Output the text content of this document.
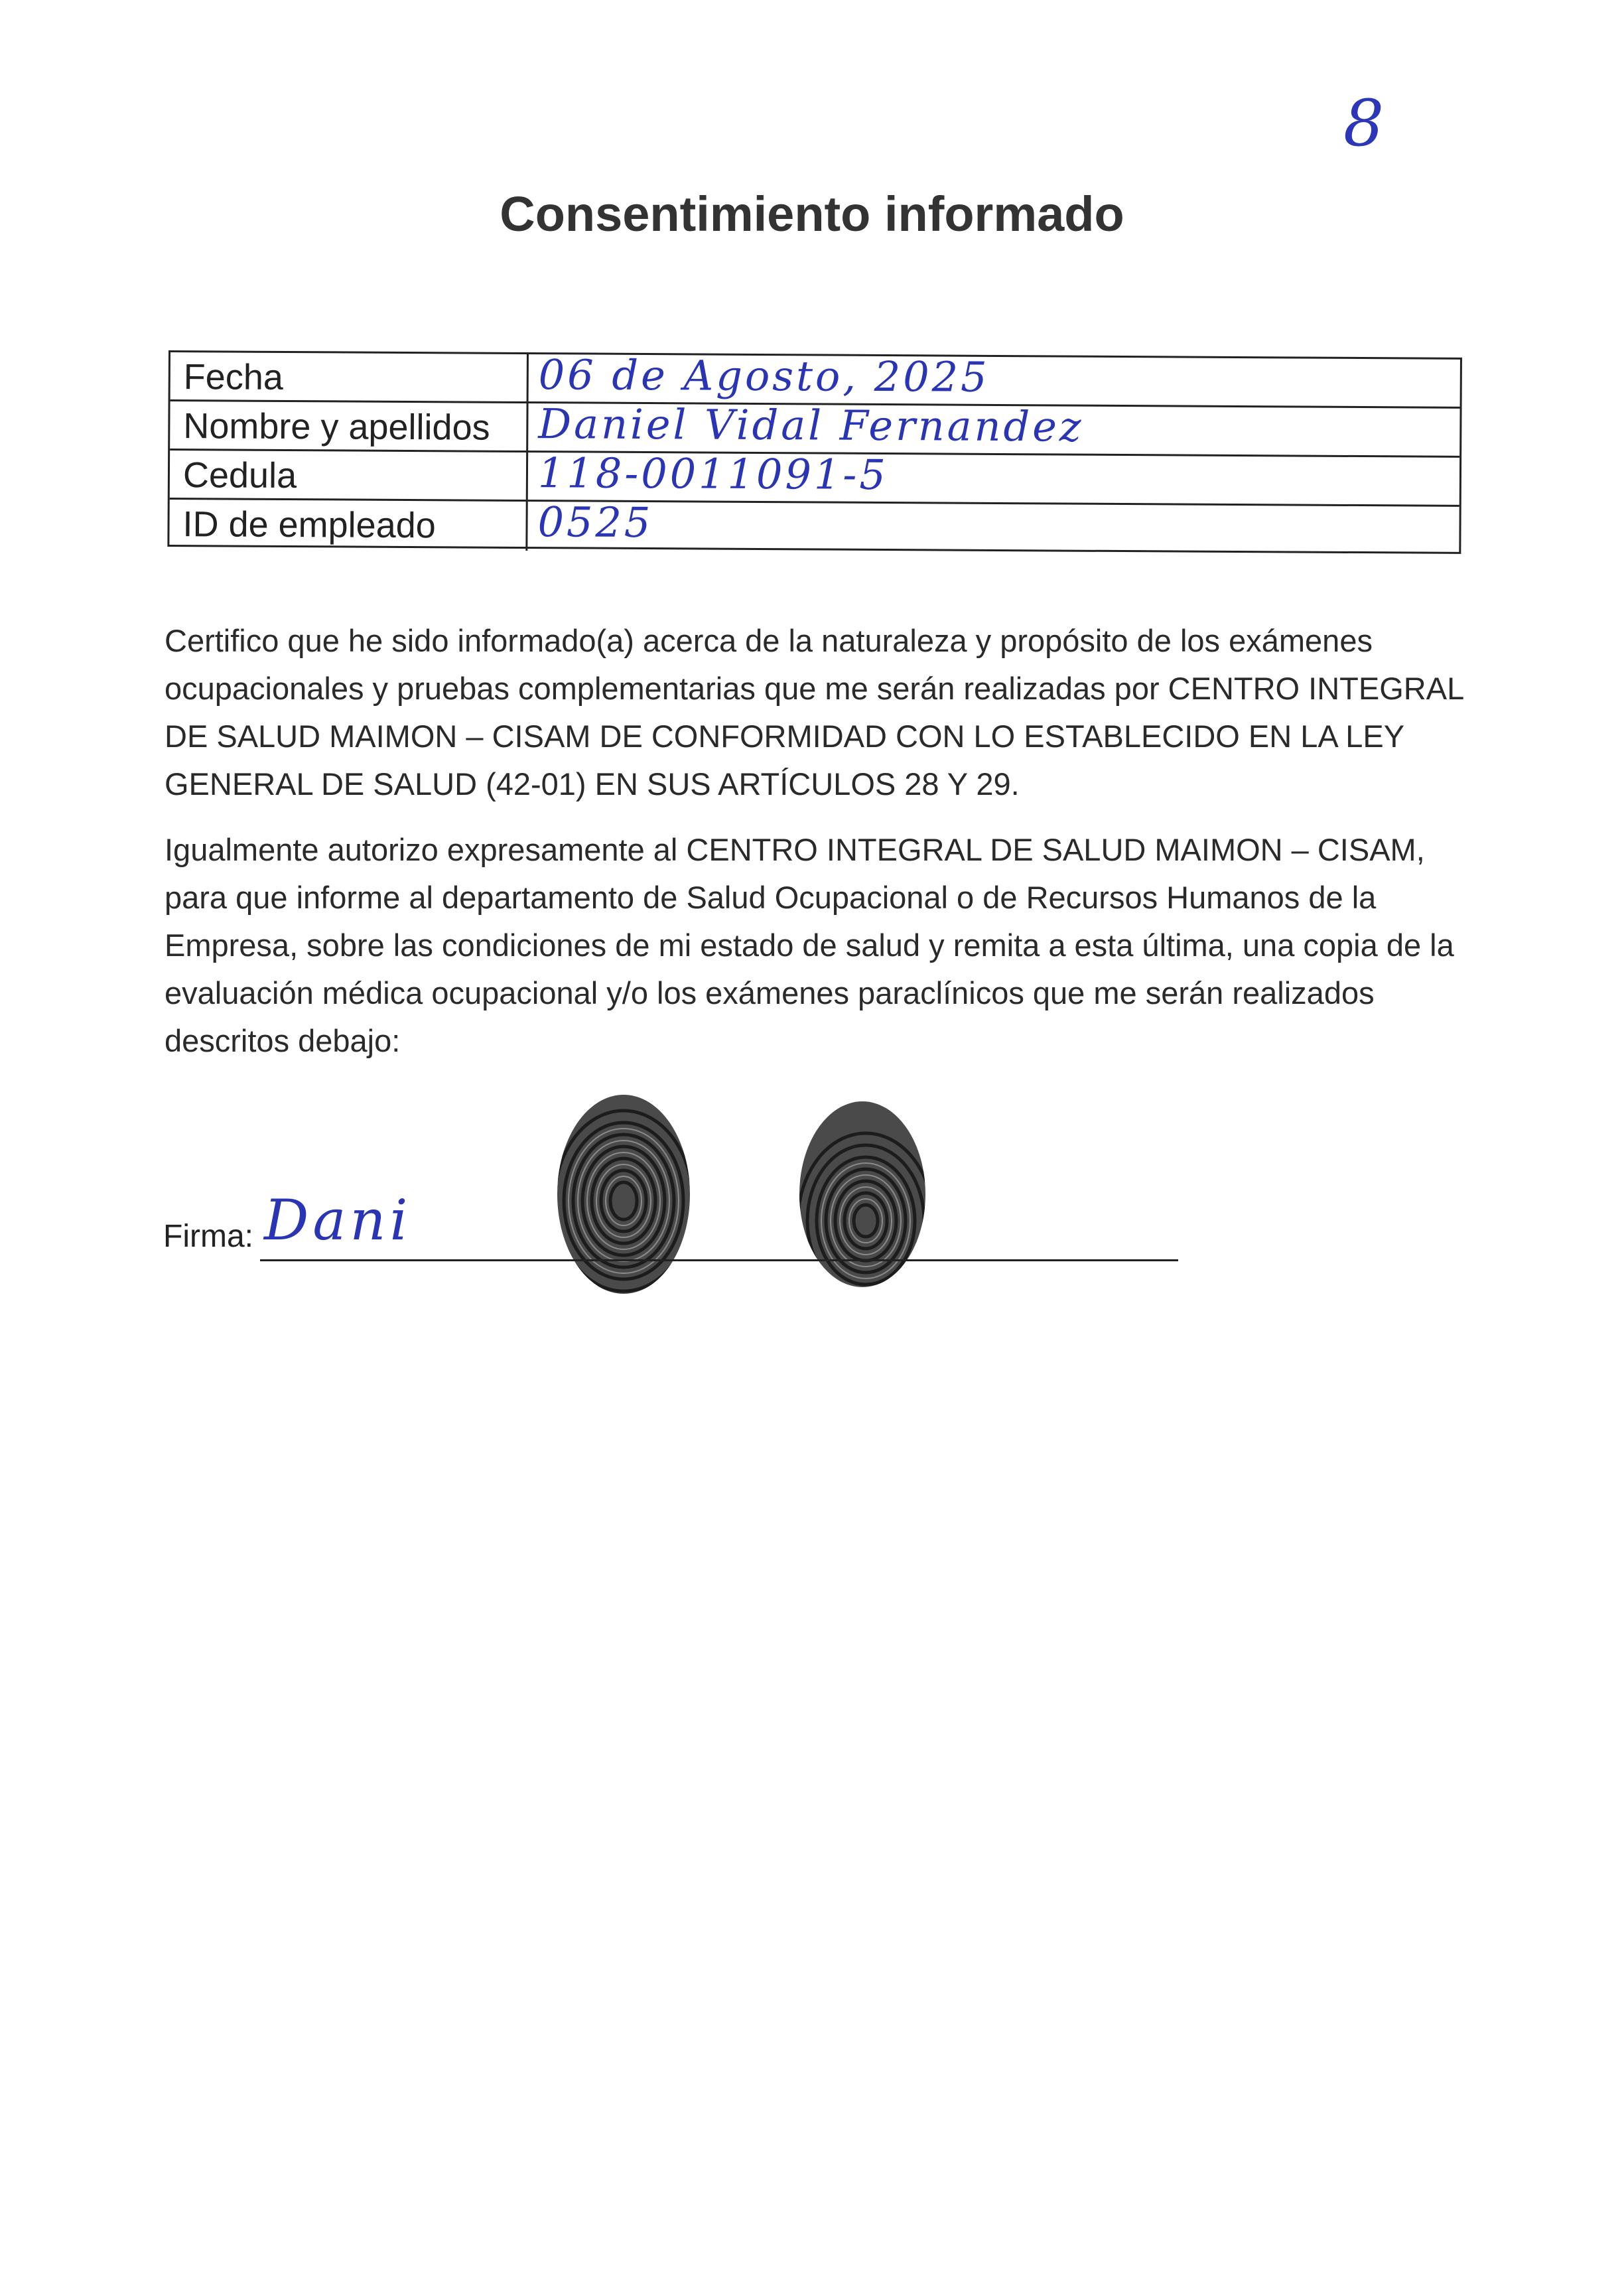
8
Consentimiento informado
Fecha	06 de Agosto, 2025
Nombre y apellidos	Daniel Vidal Fernandez
Cedula	118-0011091-5
ID de empleado	0525
Certifico que he sido informado(a) acerca de la naturaleza y propósito de los exámenes ocupacionales y pruebas complementarias que me serán realizadas por CENTRO INTEGRAL DE SALUD MAIMON – CISAM DE CONFORMIDAD CON LO ESTABLECIDO EN LA LEY GENERAL DE SALUD (42-01) EN SUS ARTÍCULOS 28 Y 29.
Igualmente autorizo expresamente al CENTRO INTEGRAL DE SALUD MAIMON – CISAM, para que informe al departamento de Salud Ocupacional o de Recursos Humanos de la Empresa, sobre las condiciones de mi estado de salud y remita a esta última, una copia de la evaluación médica ocupacional y/o los exámenes paraclínicos que me serán realizados descritos debajo:
Firma: Dani
